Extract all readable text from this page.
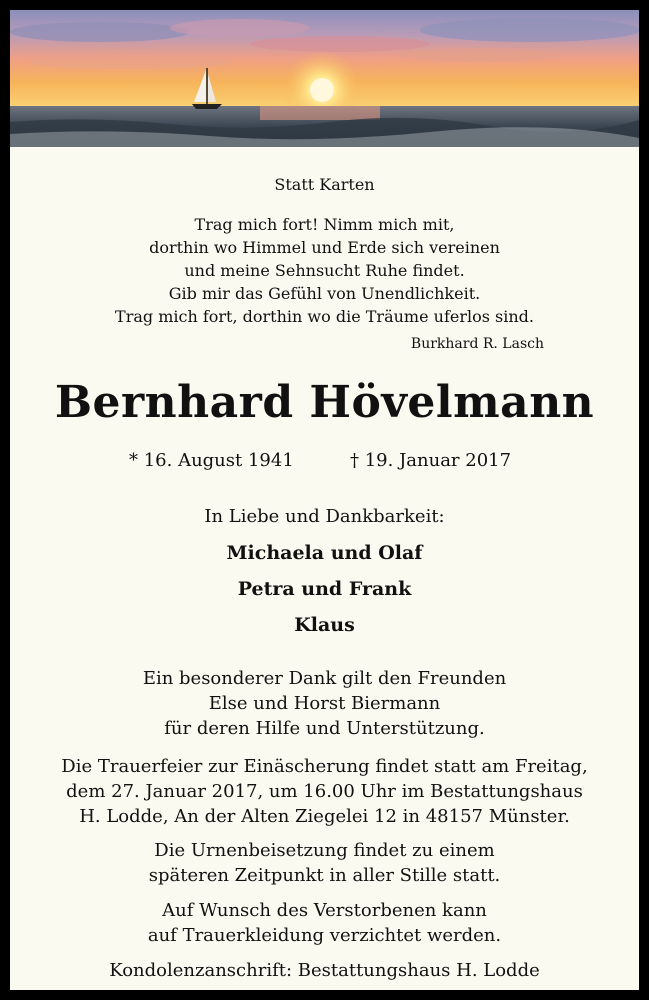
Statt Karten
Trag mich fort! Nimm mich mit,
dorthin wo Himmel und Erde sich vereinen
und meine Sehnsucht Ruhe findet.
Gib mir das Gefühl von Unendlichkeit.
Trag mich fort, dorthin wo die Träume uferlos sind.
Burkhard R. Lasch
Bernhard Hövelmann
* 16. August 1941	† 19. Januar 2017
In Liebe und Dankbarkeit:
Michaela und Olaf
Petra und Frank
Klaus
Ein besonderer Dank gilt den Freunden
Else und Horst Biermann
für deren Hilfe und Unterstützung.
Die Trauerfeier zur Einäscherung findet statt am Freitag,
dem 27. Januar 2017, um 16.00 Uhr im Bestattungshaus
H. Lodde, An der Alten Ziegelei 12 in 48157 Münster.
Die Urnenbeisetzung findet zu einem
späteren Zeitpunkt in aller Stille statt.
Auf Wunsch des Verstorbenen kann
auf Trauerkleidung verzichtet werden.
Kondolenzanschrift: Bestattungshaus H. Lodde
